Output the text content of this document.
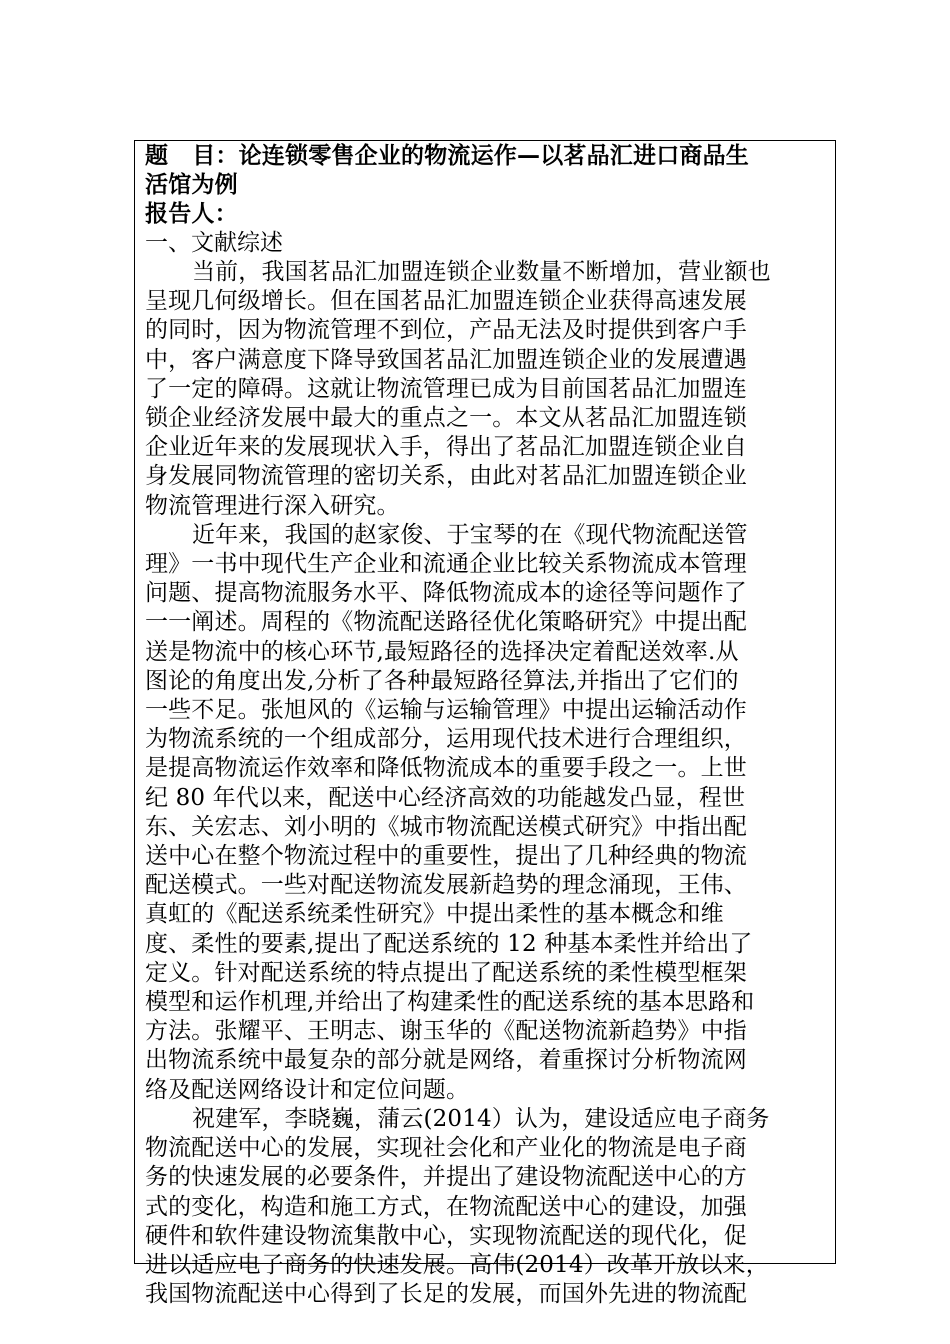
题 目：论连锁零售企业的物流运作—以茗品汇进口商品生
活馆为例
报告人：
一、文献综述
当前，我国茗品汇加盟连锁企业数量不断增加，营业额也
呈现几何级增长。但在国茗品汇加盟连锁企业获得高速发展
的同时，因为物流管理不到位，产品无法及时提供到客户手
中，客户满意度下降导致国茗品汇加盟连锁企业的发展遭遇
了一定的障碍。这就让物流管理已成为目前国茗品汇加盟连
锁企业经济发展中最大的重点之一。本文从茗品汇加盟连锁
企业近年来的发展现状入手，得出了茗品汇加盟连锁企业自
身发展同物流管理的密切关系，由此对茗品汇加盟连锁企业
物流管理进行深入研究。
近年来，我国的赵家俊、于宝琴的在《现代物流配送管
理》一书中现代生产企业和流通企业比较关系物流成本管理
问题、提高物流服务水平、降低物流成本的途径等问题作了
一一阐述。周程的《物流配送路径优化策略研究》中提出配
送是物流中的核心环节,最短路径的选择决定着配送效率.从
图论的角度出发,分析了各种最短路径算法,并指出了它们的
一些不足。张旭风的《运输与运输管理》中提出运输活动作
为物流系统的一个组成部分，运用现代技术进行合理组织，
是提高物流运作效率和降低物流成本的重要手段之一。上世
纪 80 年代以来，配送中心经济高效的功能越发凸显，程世
东、关宏志、刘小明的《城市物流配送模式研究》中指出配
送中心在整个物流过程中的重要性，提出了几种经典的物流
配送模式。一些对配送物流发展新趋势的理念涌现，王伟、
真虹的《配送系统柔性研究》中提出柔性的基本概念和维
度、柔性的要素,提出了配送系统的 12 种基本柔性并给出了
定义。针对配送系统的特点提出了配送系统的柔性模型框架
模型和运作机理,并给出了构建柔性的配送系统的基本思路和
方法。张耀平、王明志、谢玉华的《配送物流新趋势》中指
出物流系统中最复杂的部分就是网络，着重探讨分析物流网
络及配送网络设计和定位问题。
祝建军，李晓巍，蒲云(2014）认为，建设适应电子商务
物流配送中心的发展，实现社会化和产业化的物流是电子商
务的快速发展的必要条件，并提出了建设物流配送中心的方
式的变化，构造和施工方式，在物流配送中心的建设，加强
硬件和软件建设物流集散中心，实现物流配送的现代化，促
进以适应电子商务的快速发展。高伟(2014）改革开放以来，
我国物流配送中心得到了长足的发展，而国外先进的物流配
